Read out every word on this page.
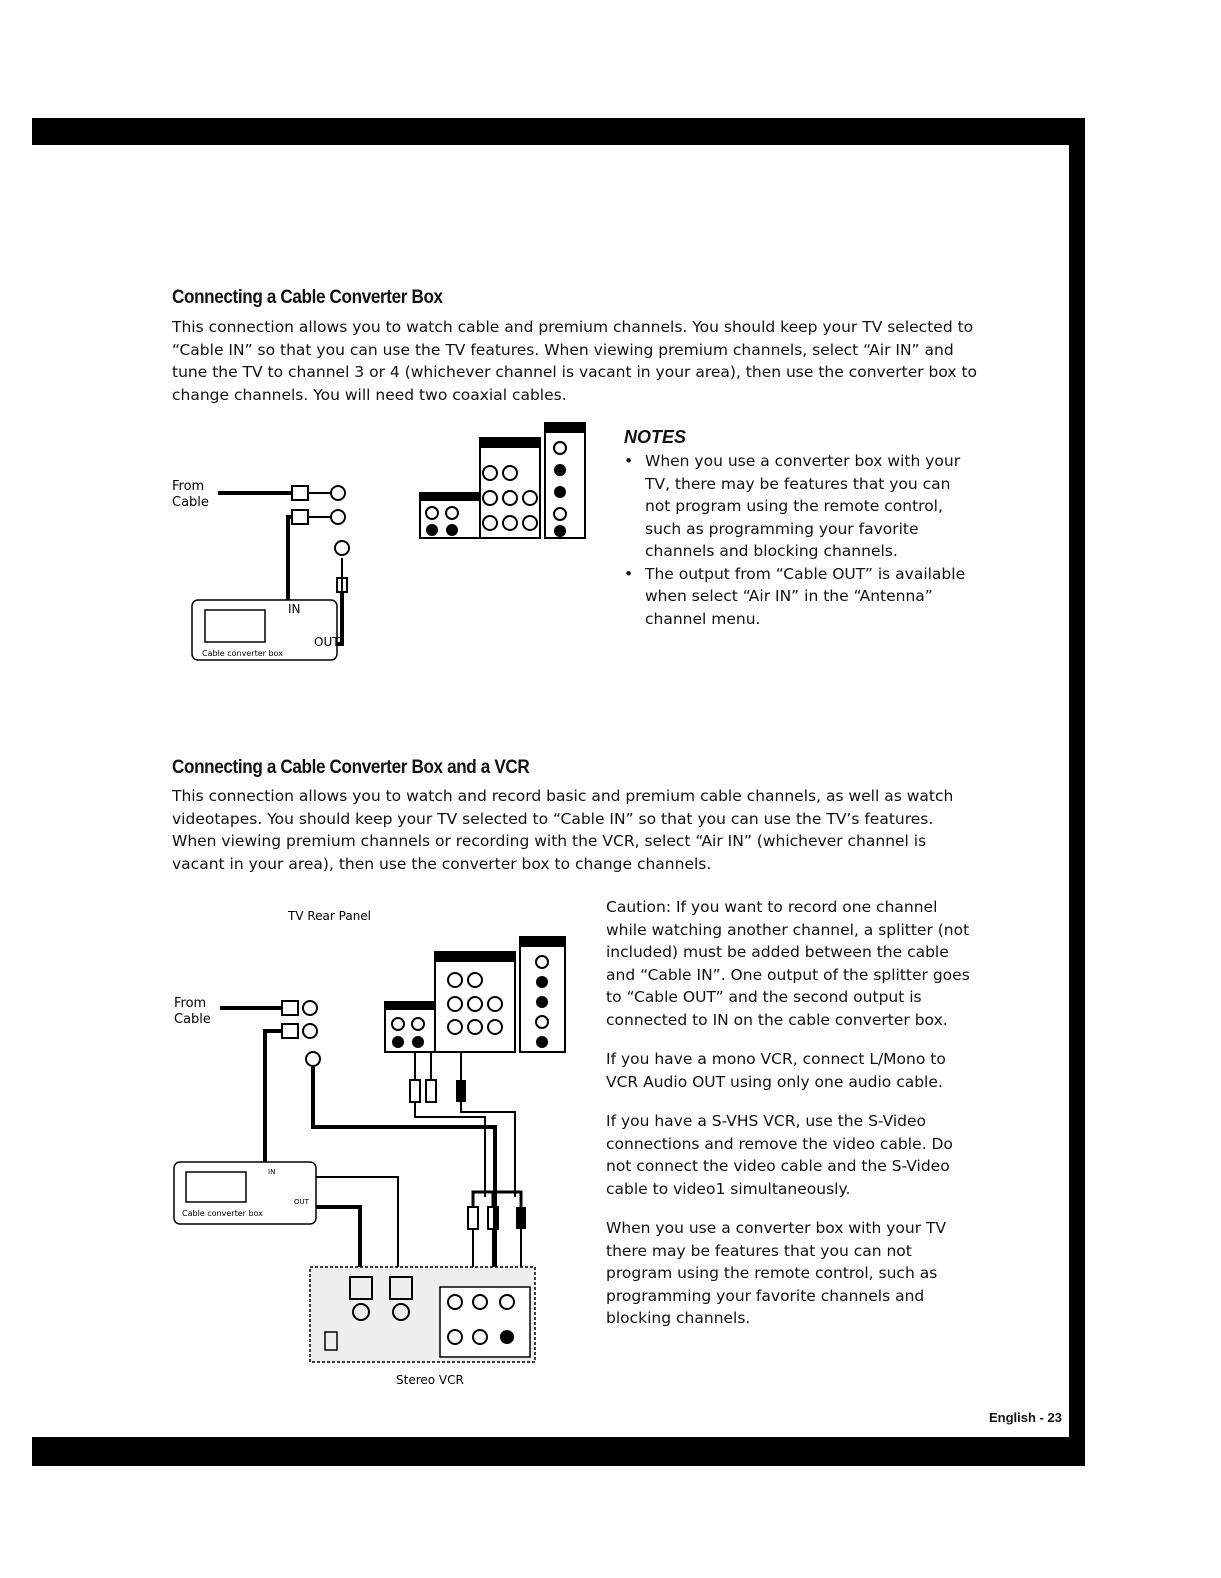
Connecting a Cable Converter Box

This connection allows you to watch cable and premium channels. You should keep your TV selected to “Cable IN” so that you can use the TV features. When viewing premium channels, select “Air IN” and tune the TV to channel 3 or 4 (whichever channel is vacant in your area), then use the converter box to change channels. You will need two coaxial cables.

From
Cable
IN
OUT
Cable converter box
NOTES
• When you use a converter box with your TV, there may be features that you can not program using the remote control, such as programming your favorite channels and blocking channels.
• The output from “Cable OUT” is available when select “Air IN” in the “Antenna” channel menu.
Connecting a Cable Converter Box and a VCR

This connection allows you to watch and record basic and premium cable channels, as well as watch videotapes. You should keep your TV selected to “Cable IN” so that you can use the TV’s features. When viewing premium channels or recording with the VCR, select “Air IN” (whichever channel is vacant in your area), then use the converter box to change channels.

TV Rear Panel
From
Cable
IN
OUT
Cable converter box
Stereo VCR

Caution: If you want to record one channel while watching another channel, a splitter (not included) must be added between the cable and “Cable IN”. One output of the splitter goes to “Cable OUT” and the second output is connected to IN on the cable converter box.

If you have a mono VCR, connect L/Mono to VCR Audio OUT using only one audio cable.

If you have a S-VHS VCR, use the S-Video connections and remove the video cable. Do not connect the video cable and the S-Video cable to video1 simultaneously.

When you use a converter box with your TV there may be features that you can not program using the remote control, such as programming your favorite channels and blocking channels.

English - 23
